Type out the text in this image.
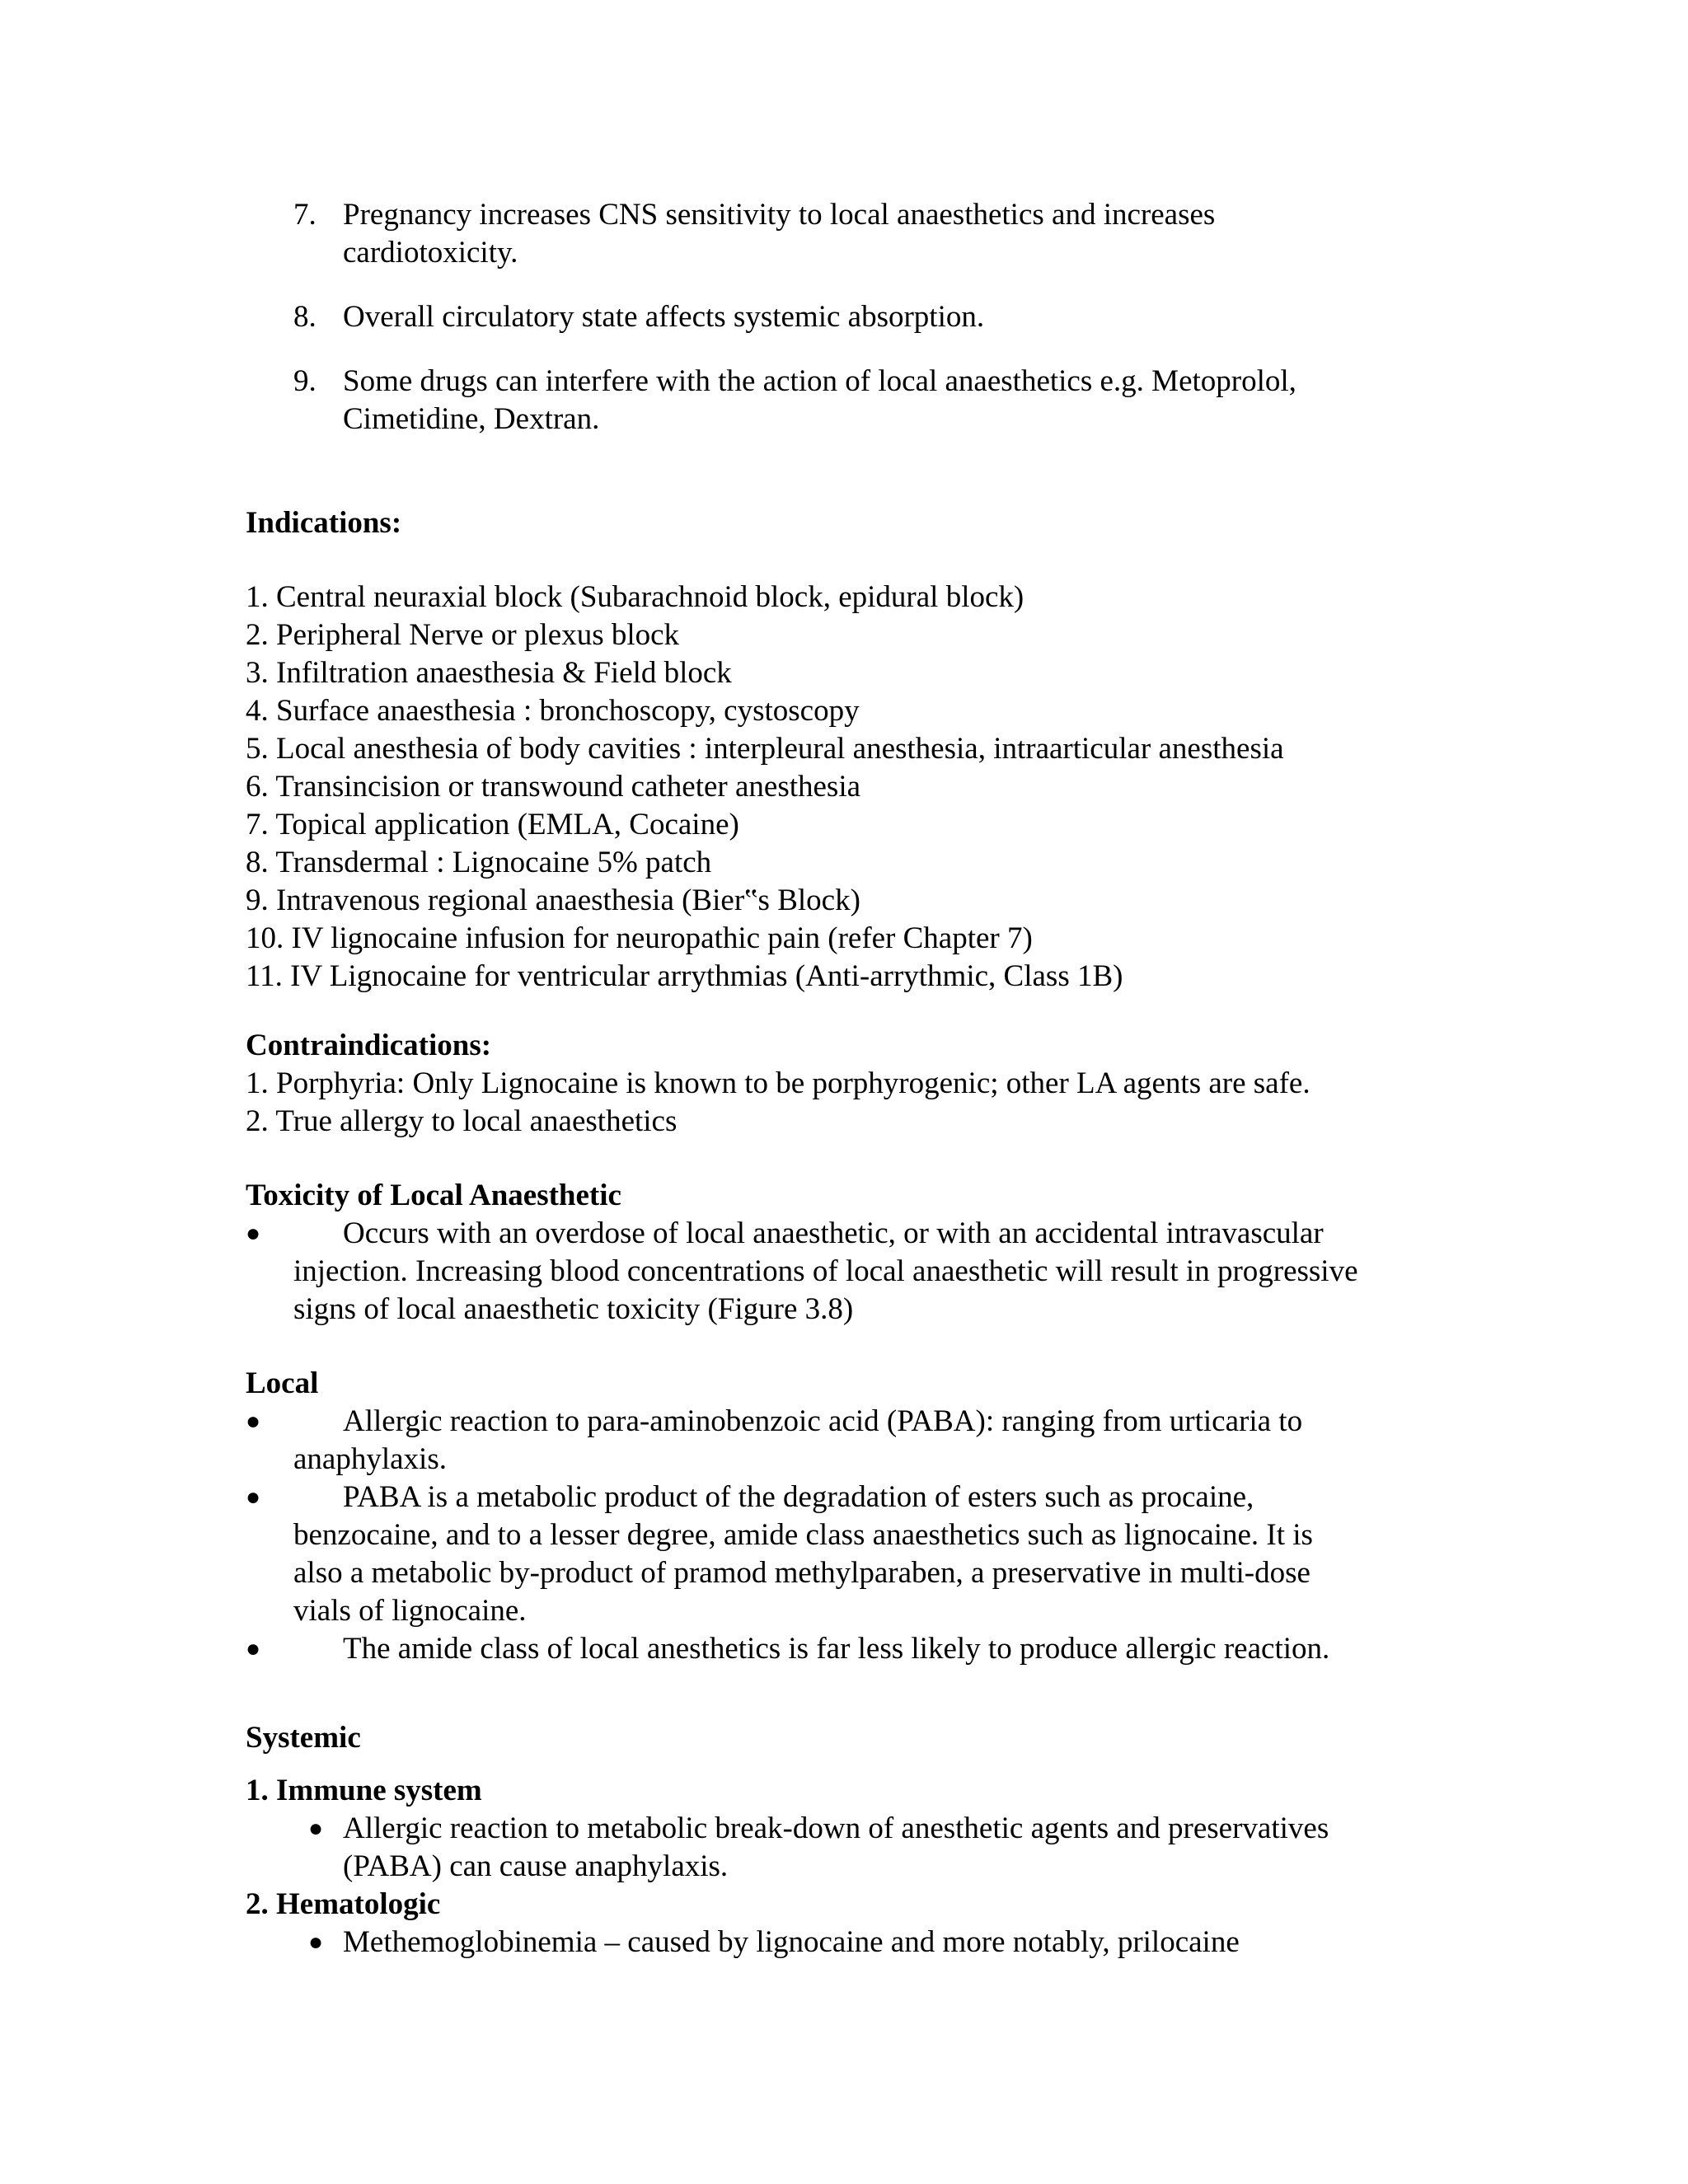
7. Pregnancy increases CNS sensitivity to local anaesthetics and increases
cardiotoxicity.
8. Overall circulatory state affects systemic absorption.
9. Some drugs can interfere with the action of local anaesthetics e.g. Metoprolol,
Cimetidine, Dextran.
Indications:
1. Central neuraxial block (Subarachnoid block, epidural block)
2. Peripheral Nerve or plexus block
3. Infiltration anaesthesia & Field block
4. Surface anaesthesia : bronchoscopy, cystoscopy
5. Local anesthesia of body cavities : interpleural anesthesia, intraarticular anesthesia
6. Transincision or transwound catheter anesthesia
7. Topical application (EMLA, Cocaine)
8. Transdermal : Lignocaine 5% patch
9. Intravenous regional anaesthesia (Bier‟s Block)
10. IV lignocaine infusion for neuropathic pain (refer Chapter 7)
11. IV Lignocaine for ventricular arrythmias (Anti-arrythmic, Class 1B)
Contraindications:
1. Porphyria: Only Lignocaine is known to be porphyrogenic; other LA agents are safe.
2. True allergy to local anaesthetics
Toxicity of Local Anaesthetic
●	Occurs with an overdose of local anaesthetic, or with an accidental intravascular
injection. Increasing blood concentrations of local anaesthetic will result in progressive
signs of local anaesthetic toxicity (Figure 3.8)
Local
●	Allergic reaction to para-aminobenzoic acid (PABA): ranging from urticaria to
anaphylaxis.
●	PABA is a metabolic product of the degradation of esters such as procaine,
benzocaine, and to a lesser degree, amide class anaesthetics such as lignocaine. It is
also a metabolic by-product of pramod methylparaben, a preservative in multi-dose
vials of lignocaine.
●	The amide class of local anesthetics is far less likely to produce allergic reaction.
Systemic
1. Immune system
● Allergic reaction to metabolic break-down of anesthetic agents and preservatives
(PABA) can cause anaphylaxis.
2. Hematologic
● Methemoglobinemia – caused by lignocaine and more notably, prilocaine
